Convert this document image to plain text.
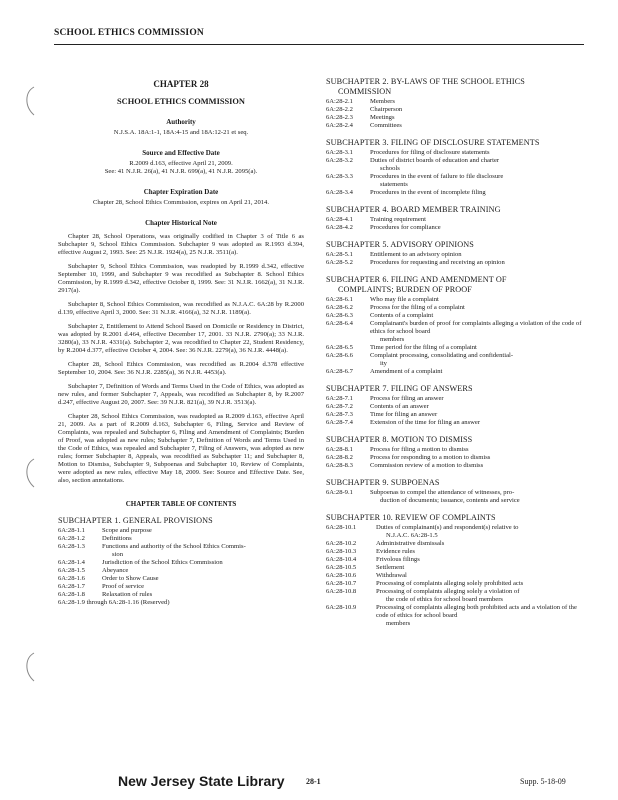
SCHOOL ETHICS COMMISSION
CHAPTER 28
SCHOOL ETHICS COMMISSION
Authority
N.J.S.A. 18A:1-1, 18A:4-15 and 18A:12-21 et seq.
Source and Effective Date
R.2009 d.163, effective April 21, 2009.
See: 41 N.J.R. 26(a), 41 N.J.R. 699(a), 41 N.J.R. 2095(a).
Chapter Expiration Date
Chapter 28, School Ethics Commission, expires on April 21, 2014.
Chapter Historical Note

Chapter 28, School Operations, was originally codified in Chapter 3 of Title 6 as Subchapter 9, School Ethics Commission. Subchapter 9 was adopted as R.1993 d.394, effective August 2, 1993. See: 25 N.J.R. 1924(a), 25 N.J.R. 3511(a).

Subchapter 9, School Ethics Commission, was readopted by R.1999 d.342, effective September 10, 1999, and Subchapter 9 was recodified as Subchapter 8. School Ethics Commission, by R.1999 d.342, effective October 8, 1999. See: 31 N.J.R. 1662(a), 31 N.J.R. 2917(a).

Subchapter 8, School Ethics Commission, was recodified as N.J.A.C. 6A:28 by R.2000 d.139, effective April 3, 2000. See: 31 N.J.R. 4166(a), 32 N.J.R. 1189(a).

Subchapter 2, Entitlement to Attend School Based on Domicile or Residency in District, was adopted by R.2001 d.464, effective December 17, 2001. 33 N.J.R. 2790(a); 33 N.J.R. 3280(a), 33 N.J.R. 4331(a). Subchapter 2, was recodified to Chapter 22, Student Residency, by R.2004 d.377, effective October 4, 2004. See: 36 N.J.R. 2279(a), 36 N.J.R. 4448(a).

Chapter 28, School Ethics Commission, was recodified as R.2004 d.378 effective September 10, 2004. See: 36 N.J.R. 2285(a), 36 N.J.R. 4453(a).

Subchapter 7, Definition of Words and Terms Used in the Code of Ethics, was adopted as new rules, and former Subchapter 7, Appeals, was recodified as Subchapter 8, by R.2007 d.247, effective August 20, 2007. See: 39 N.J.R. 821(a), 39 N.J.R. 3513(a).

Chapter 28, School Ethics Commission, was readopted as R.2009 d.163, effective April 21, 2009. As a part of R.2009 d.163, Subchapter 6, Filing, Service and Review of Complaints, was repealed and Subchapter 6, Filing and Amendment of Complaints; Burden of Proof, was adopted as new rules; Subchapter 7, Definition of Words and Terms Used in the Code of Ethics, was repealed and Subchapter 7, Filing of Answers, was adopted as new rules; former Subchapter 8, Appeals, was recodified as Subchapter 11; and Subchapter 8, Motion to Dismiss, Subchapter 9, Subpoenas and Subchapter 10, Review of Complaints, were adopted as new rules, effective May 18, 2009. See: Source and Effective Date. See, also, section annotations.

CHAPTER TABLE OF CONTENTS
SUBCHAPTER 1. GENERAL PROVISIONS
6A:28-1.1	Scope and purpose
6A:28-1.2	Definitions
6A:28-1.3	Functions and authority of the School Ethics Commis-
sion
6A:28-1.4	Jurisdiction of the School Ethics Commission
6A:28-1.5	Abeyance
6A:28-1.6	Order to Show Cause
6A:28-1.7	Proof of service
6A:28-1.8	Relaxation of rules
6A:28-1.9 through 6A:28-1.16 (Reserved)
SUBCHAPTER 2. BY-LAWS OF THE SCHOOL ETHICS
COMMISSION
6A:28-2.1	Members
6A:28-2.2	Chairperson
6A:28-2.3	Meetings
6A:28-2.4	Committees
SUBCHAPTER 3. FILING OF DISCLOSURE STATEMENTS
6A:28-3.1	Procedures for filing of disclosure statements
6A:28-3.2	Duties of district boards of education and charter
schools
6A:28-3.3	Procedures in the event of failure to file disclosure
statements
6A:28-3.4	Procedures in the event of incomplete filing
SUBCHAPTER 4. BOARD MEMBER TRAINING
6A:28-4.1	Training requirement
6A:28-4.2	Procedures for compliance
SUBCHAPTER 5. ADVISORY OPINIONS
6A:28-5.1	Entitlement to an advisory opinion
6A:28-5.2	Procedures for requesting and receiving an opinion
SUBCHAPTER 6. FILING AND AMENDMENT OF
COMPLAINTS; BURDEN OF PROOF
6A:28-6.1	Who may file a complaint
6A:28-6.2	Process for the filing of a complaint
6A:28-6.3	Contents of a complaint
6A:28-6.4	Complainant's burden of proof for complaints alleging a violation of the code of ethics for school board
members
6A:28-6.5	Time period for the filing of a complaint
6A:28-6.6	Complaint processing, consolidating and confidential-
ity
6A:28-6.7	Amendment of a complaint
SUBCHAPTER 7. FILING OF ANSWERS
6A:28-7.1	Process for filing an answer
6A:28-7.2	Contents of an answer
6A:28-7.3	Time for filing an answer
6A:28-7.4	Extension of the time for filing an answer
SUBCHAPTER 8. MOTION TO DISMISS
6A:28-8.1	Process for filing a motion to dismiss
6A:28-8.2	Process for responding to a motion to dismiss
6A:28-8.3	Commission review of a motion to dismiss
SUBCHAPTER 9. SUBPOENAS
6A:28-9.1	Subpoenas to compel the attendance of witnesses, pro-
duction of documents; issuance, contents and service
SUBCHAPTER 10. REVIEW OF COMPLAINTS
6A:28-10.1	Duties of complainant(s) and respondent(s) relative to
N.J.A.C. 6A:28-1.5
6A:28-10.2	Administrative dismissals
6A:28-10.3	Evidence rules
6A:28-10.4	Frivolous filings
6A:28-10.5	Settlement
6A:28-10.6	Withdrawal
6A:28-10.7	Processing of complaints alleging solely prohibited acts
6A:28-10.8	Processing of complaints alleging solely a violation of
the code of ethics for school board members
6A:28-10.9	Processing of complaints alleging both prohibited acts and a violation of the code of ethics for school board
members
New Jersey State Library	28-1	Supp. 5-18-09
